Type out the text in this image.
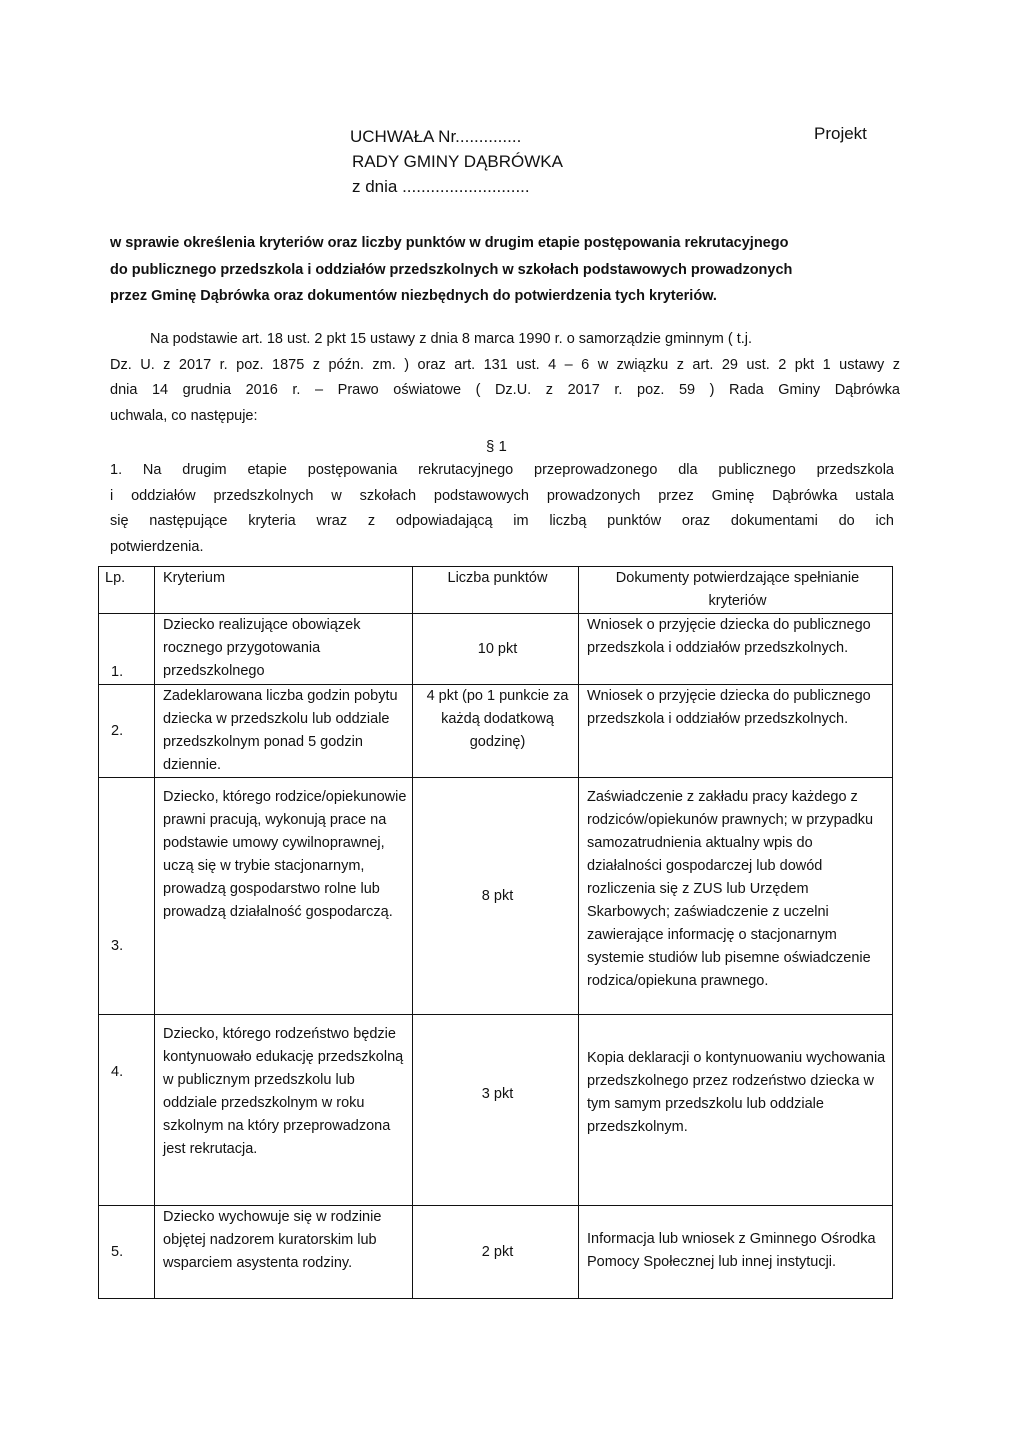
UCHWAŁA Nr..............
RADY GMINY DĄBRÓWKA
z dnia ...........................
Projekt
w sprawie określenia kryteriów oraz liczby punktów w drugim etapie postępowania rekrutacyjnego
do publicznego przedszkola i oddziałów przedszkolnych w szkołach podstawowych prowadzonych
przez Gminę Dąbrówka oraz dokumentów niezbędnych do potwierdzenia tych kryteriów.
Na podstawie art. 18 ust. 2 pkt 15 ustawy z dnia 8 marca 1990 r. o samorządzie gminnym ( t.j.
Dz. U. z 2017 r. poz. 1875 z późn. zm. ) oraz art. 131 ust. 4 – 6 w związku z art. 29 ust. 2 pkt 1 ustawy z
dnia 14 grudnia 2016 r. – Prawo oświatowe ( Dz.U. z 2017 r. poz. 59 ) Rada Gminy Dąbrówka
uchwala, co następuje:
§ 1
1. Na drugim etapie postępowania rekrutacyjnego przeprowadzonego dla publicznego przedszkola
i oddziałów przedszkolnych w szkołach podstawowych prowadzonych przez Gminę Dąbrówka ustala
się następujące kryteria wraz z odpowiadającą im liczbą punktów oraz dokumentami do ich
potwierdzenia.
Lp.	Kryterium	Liczba punktów	Dokumenty potwierdzające spełnianie kryteriów
1.	Dziecko realizujące obowiązek rocznego przygotowania przedszkolnego	10 pkt	Wniosek o przyjęcie dziecka do publicznego przedszkola i oddziałów przedszkolnych.
2.	Zadeklarowana liczba godzin pobytu dziecka w przedszkolu lub oddziale przedszkolnym ponad 5 godzin dziennie.	4 pkt (po 1 punkcie za każdą dodatkową godzinę)	Wniosek o przyjęcie dziecka do publicznego przedszkola i oddziałów przedszkolnych.
3.	Dziecko, którego rodzice/opiekunowie prawni pracują, wykonują prace na podstawie umowy cywilnoprawnej, uczą się w trybie stacjonarnym, prowadzą gospodarstwo rolne lub prowadzą działalność gospodarczą.	8 pkt	Zaświadczenie z zakładu pracy każdego z rodziców/opiekunów prawnych; w przypadku samozatrudnienia aktualny wpis do działalności gospodarczej lub dowód rozliczenia się z ZUS lub Urzędem Skarbowych; zaświadczenie z uczelni zawierające informację o stacjonarnym systemie studiów lub pisemne oświadczenie rodzica/opiekuna prawnego.
4.	Dziecko, którego rodzeństwo będzie kontynuowało edukację przedszkolną w publicznym przedszkolu lub oddziale przedszkolnym w roku szkolnym na który przeprowadzona jest rekrutacja.	3 pkt	Kopia deklaracji o kontynuowaniu wychowania przedszkolnego przez rodzeństwo dziecka w tym samym przedszkolu lub oddziale przedszkolnym.
5.	Dziecko wychowuje się w rodzinie objętej nadzorem kuratorskim lub wsparciem asystenta rodziny.	2 pkt	Informacja lub wniosek z Gminnego Ośrodka Pomocy Społecznej lub innej instytucji.
